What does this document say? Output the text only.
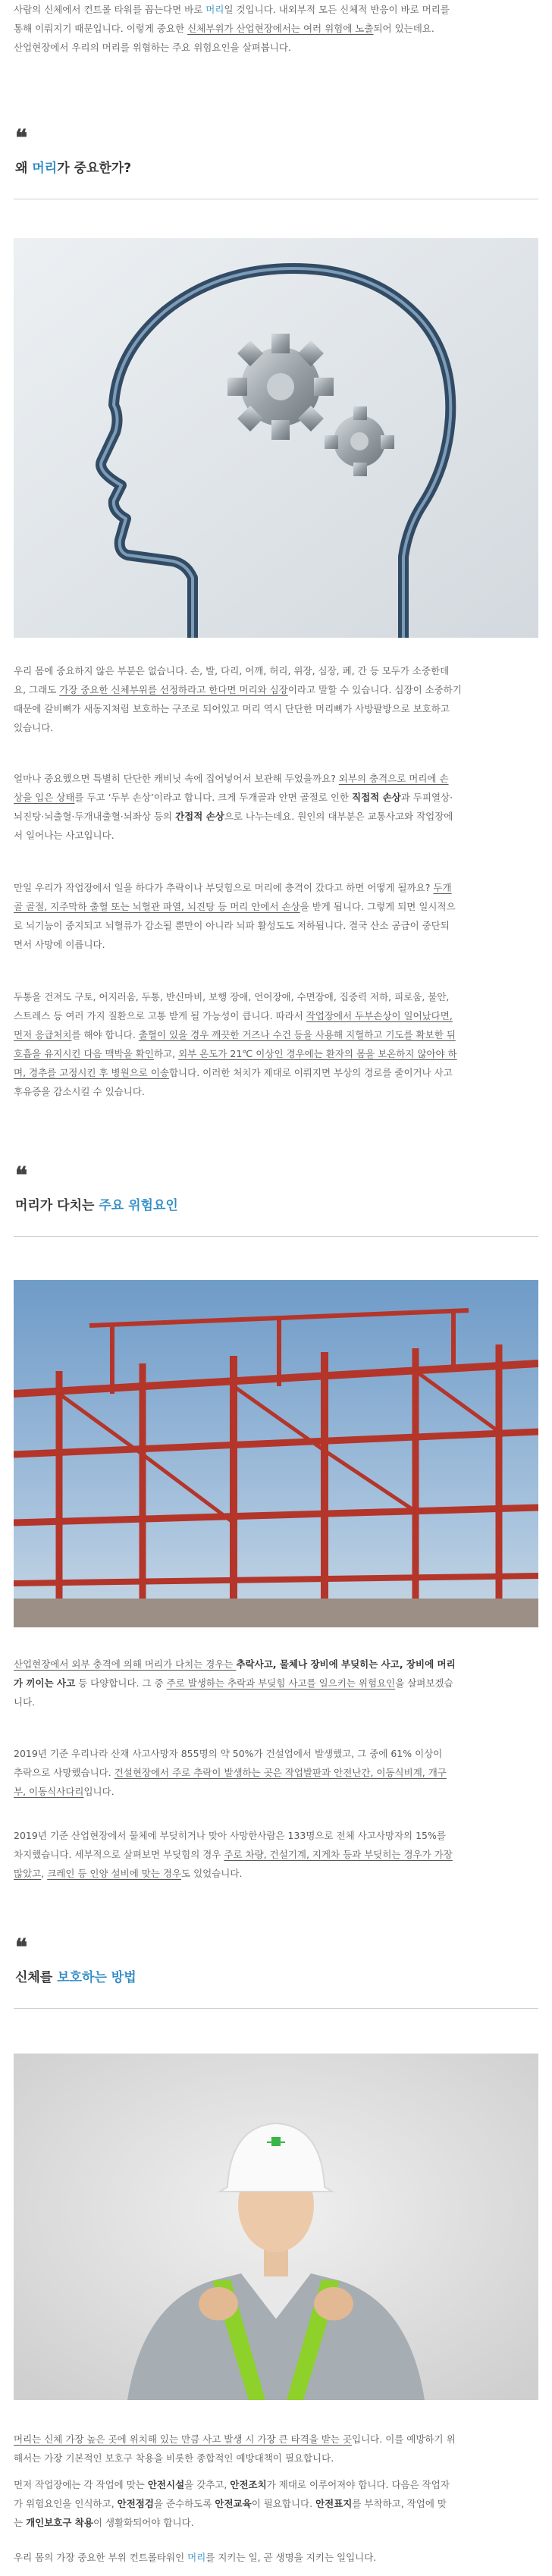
사람의 신체에서 컨트롤 타워를 꼽는다면 바로 머리일 것입니다. 내외부적 모든 신체적 반응이 바로 머리를
통해 이뤄지기 때문입니다. 이렇게 중요한 신체부위가 산업현장에서는 여러 위험에 노출되어 있는데요.
산업현장에서 우리의 머리를 위협하는 주요 위험요인을 살펴봅니다.

❝
왜 머리가 중요한가?

우리 몸에 중요하지 않은 부분은 없습니다. 손, 발, 다리, 어깨, 허리, 위장, 심장, 폐, 간 등 모두가 소중한데
요, 그래도 가장 중요한 신체부위를 선정하라고 한다면 머리와 심장이라고 말할 수 있습니다. 심장이 소중하기
때문에 갈비뼈가 새동지처럼 보호하는 구조로 되어있고 머리 역시 단단한 머리뼈가 사방팔방으로 보호하고
있습니다.

얼마나 중요했으면 특별히 단단한 캐비닛 속에 집어넣어서 보관해 두었을까요? 외부의 충격으로 머리에 손
상을 입은 상태를 두고 ‘두부 손상’이라고 합니다. 크게 두개골과 안면 골절로 인한 직접적 손상과 두피열상·
뇌진탕·뇌출혈·두개내출혈·뇌좌상 등의 간접적 손상으로 나누는데요. 원인의 대부분은 교통사고와 작업장에
서 일어나는 사고입니다.

만일 우리가 작업장에서 일을 하다가 추락이나 부딪힘으로 머리에 충격이 갔다고 하면 어떻게 될까요? 두개
골 골절, 지주막하 출혈 또는 뇌혈관 파열, 뇌진탕 등 머리 안에서 손상을 받게 됩니다. 그렇게 되면 일시적으
로 뇌기능이 중지되고 뇌혈류가 감소될 뿐만이 아니라 뇌파 활성도도 저하됩니다. 결국 산소 공급이 중단되
면서 사망에 이릅니다.

두통을 건져도 구토, 어지러움, 두통, 반신마비, 보행 장애, 언어장애, 수면장애, 집중력 저하, 피로움, 불안,
스트레스 등 여러 가지 질환으로 고통 받게 될 가능성이 큽니다. 따라서 작업장에서 두부손상이 일어났다면,
먼저 응급처치를 해야 합니다. 출혈이 있을 경우 깨끗한 거즈나 수건 등을 사용해 지혈하고 기도를 확보한 뒤
호흡을 유지시킨 다음 맥박을 확인하고, 외부 온도가 21℃ 이상인 경우에는 환자의 몸을 보온하지 않아야 하
며, 경추를 고정시킨 후 병원으로 이송합니다. 이러한 처치가 제대로 이뤄지면 부상의 경로를 줄이거나 사고
후유증을 감소시킬 수 있습니다.

❝
머리가 다치는 주요 위험요인

산업현장에서 외부 충격에 의해 머리가 다치는 경우는 추락사고, 물체나 장비에 부딪히는 사고, 장비에 머리
가 끼이는 사고 등 다양합니다. 그 중 주로 발생하는 추락과 부딪힘 사고를 일으키는 위험요인을 살펴보겠습
니다.

2019년 기준 우리나라 산재 사고사망자 855명의 약 50%가 건설업에서 발생했고, 그 중에 61% 이상이
추락으로 사망했습니다. 건설현장에서 주로 추락이 발생하는 곳은 작업발판과 안전난간, 이동식비계, 개구
부, 이동식사다리입니다.

2019년 기준 산업현장에서 물체에 부딪히거나 맞아 사망한사람은 133명으로 전체 사고사망자의 15%를
차지했습니다. 세부적으로 살펴보면 부딪힘의 경우 주로 차량, 건설기계, 지게차 등과 부딪히는 경우가 가장
많았고, 크레인 등 인양 설비에 맞는 경우도 있었습니다.

❝
신체를 보호하는 방법

머리는 신체 가장 높은 곳에 위치해 있는 만큼 사고 발생 시 가장 큰 타격을 받는 곳입니다. 이를 예방하기 위
해서는 가장 기본적인 보호구 착용을 비롯한 종합적인 예방대책이 필요합니다.

먼저 작업장에는 각 작업에 맞는 안전시설을 갖추고, 안전조치가 제대로 이루어져야 합니다. 다음은 작업자
가 위험요인을 인식하고, 안전점검을 준수하도록 안전교육이 필요합니다. 안전표지를 부착하고, 작업에 맞
는 개인보호구 착용이 생활화되어야 합니다.

우리 몸의 가장 중요한 부위 컨트롤타워인 머리를 지키는 일, 곧 생명을 지키는 일입니다.
